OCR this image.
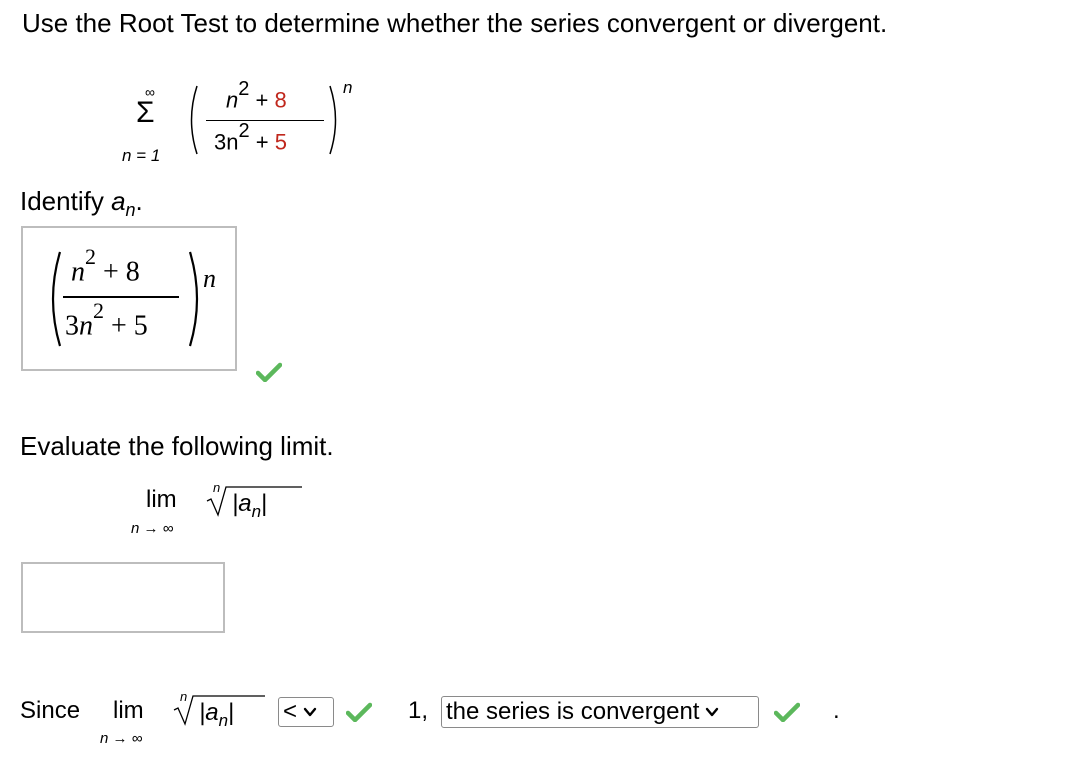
Use the Root Test to determine whether the series convergent or divergent.
∞
Σ
n = 1
$n^2 + 8$
$3n^2 + 5$
n
Identify $a_n$.
$n^2 + 8$
$3n^2 + 5$
n
Evaluate the following limit.
lim
n → ∞
n
$|a_n|$
Since lim
n → ∞
n
$|a_n|$ <	1, the series is convergent	.
